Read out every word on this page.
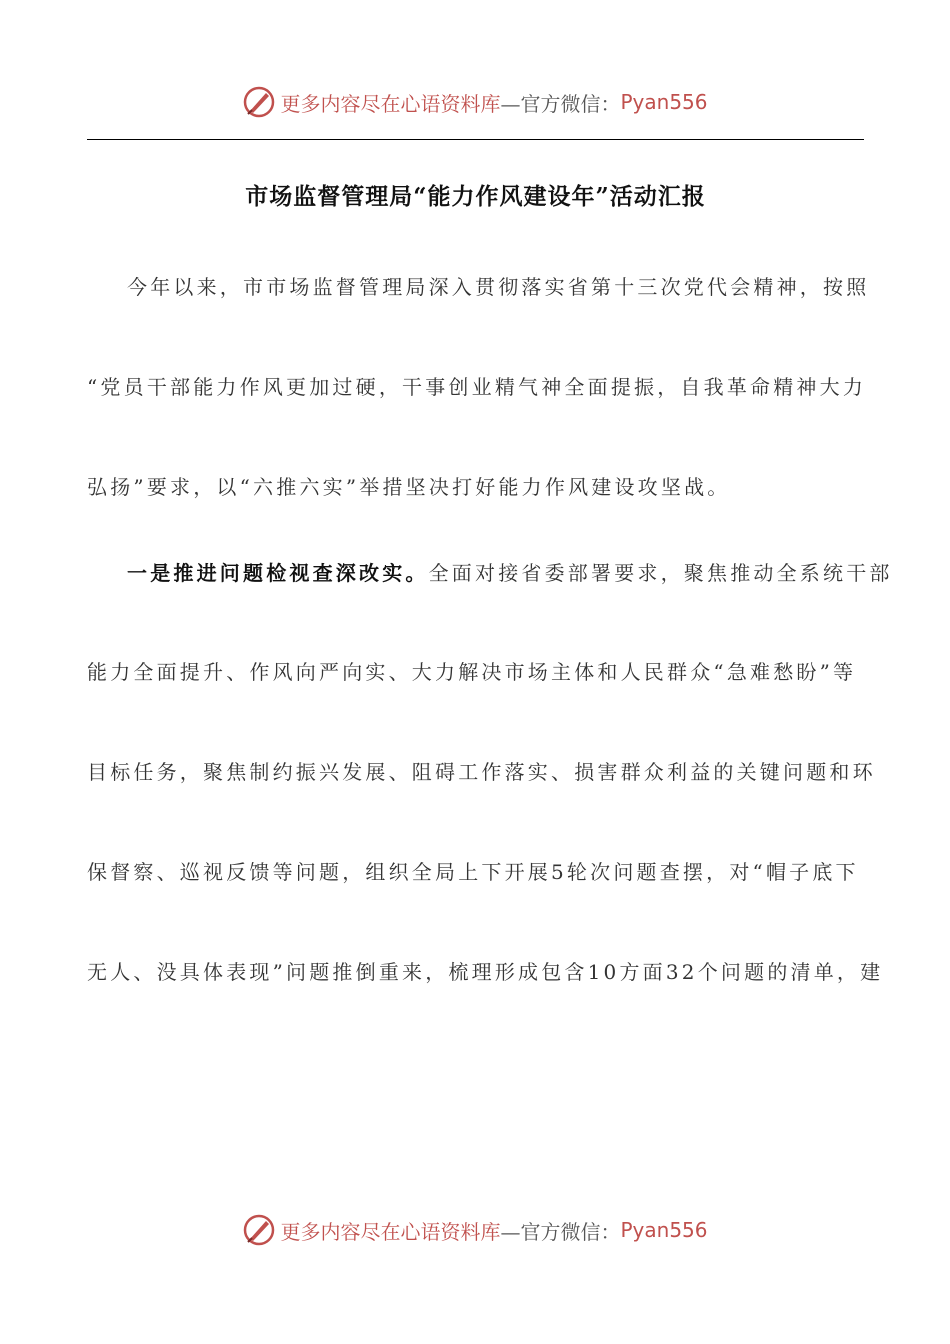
更多内容尽在心语资料库 —官方微信： Pyan556
市场监督管理局“能力作风建设年”活动汇报
今年以来，市市场监督管理局深入贯彻落实省第十三次党代会精神，按照
“党员干部能力作风更加过硬，干事创业精气神全面提振，自我革命精神大力
弘扬”要求，以“六推六实”举措坚决打好能力作风建设攻坚战。
一是推进问题检视查深改实。全面对接省委部署要求，聚焦推动全系统干部
能力全面提升、作风向严向实、大力解决市场主体和人民群众“急难愁盼”等
目标任务，聚焦制约振兴发展、阻碍工作落实、损害群众利益的关键问题和环
保督察、巡视反馈等问题，组织全局上下开展5轮次问题查摆，对“帽子底下
无人、没具体表现”问题推倒重来，梳理形成包含10方面32个问题的清单，建
更多内容尽在心语资料库 —官方微信： Pyan556
